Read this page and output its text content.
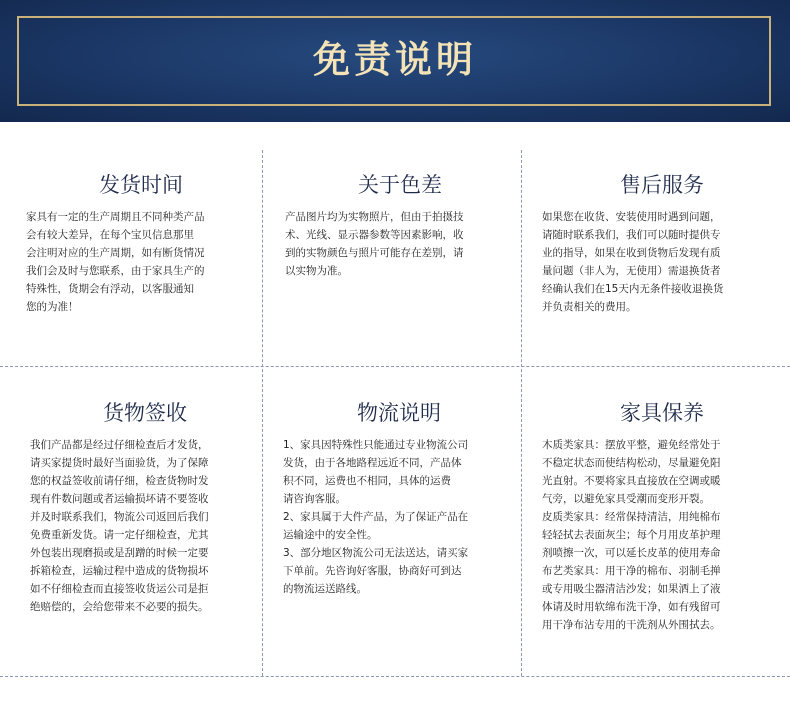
免责说明
发货时间

家具有一定的生产周期且不同种类产品
会有较大差异，在每个宝贝信息那里
会注明对应的生产周期，如有断货情况
我们会及时与您联系，由于家具生产的
特殊性，货期会有浮动，以客服通知
您的为准！

关于色差

产品图片均为实物照片，但由于拍摄技
术、光线、显示器参数等因素影响，收
到的实物颜色与照片可能存在差别，请
以实物为准。

售后服务

如果您在收货、安装使用时遇到问题，
请随时联系我们，我们可以随时提供专
业的指导，如果在收到货物后发现有质
量问题（非人为，无使用）需退换货者
经确认我们在15天内无条件接收退换货
并负责相关的费用。

货物签收

我们产品都是经过仔细检查后才发货，
请买家提货时最好当面验货，为了保障
您的权益签收前请仔细，检查货物时发
现有件数问题或者运输损坏请不要签收
并及时联系我们，物流公司返回后我们
免费重新发货。请一定仔细检查，尤其
外包装出现磨损或是刮蹭的时候一定要
拆箱检查，运输过程中造成的货物损坏
如不仔细检查而直接签收货运公司是拒
绝赔偿的，会给您带来不必要的损失。

物流说明

1、家具因特殊性只能通过专业物流公司
发货，由于各地路程远近不同，产品体
积不同，运费也不相同，具体的运费
请咨询客服。
2、家具属于大件产品，为了保证产品在
运输途中的安全性。
3、部分地区物流公司无法送达，请买家
下单前。先咨询好客服，协商好可到达
的物流运送路线。

家具保养

木质类家具：摆放平整，避免经常处于
不稳定状态而使结构松动，尽量避免阳
光直射。不要将家具直接放在空调或暖
气旁，以避免家具受潮而变形开裂。
皮质类家具：经常保持清洁，用纯棉布
轻轻拭去表面灰尘；每个月用皮革护理
剂喷擦一次，可以延长皮革的使用寿命
布艺类家具：用干净的棉布、羽制毛掸
或专用吸尘器清洁沙发；如果洒上了液
体请及时用软绵布洗干净，如有残留可
用干净布沾专用的干洗剂从外围拭去。
